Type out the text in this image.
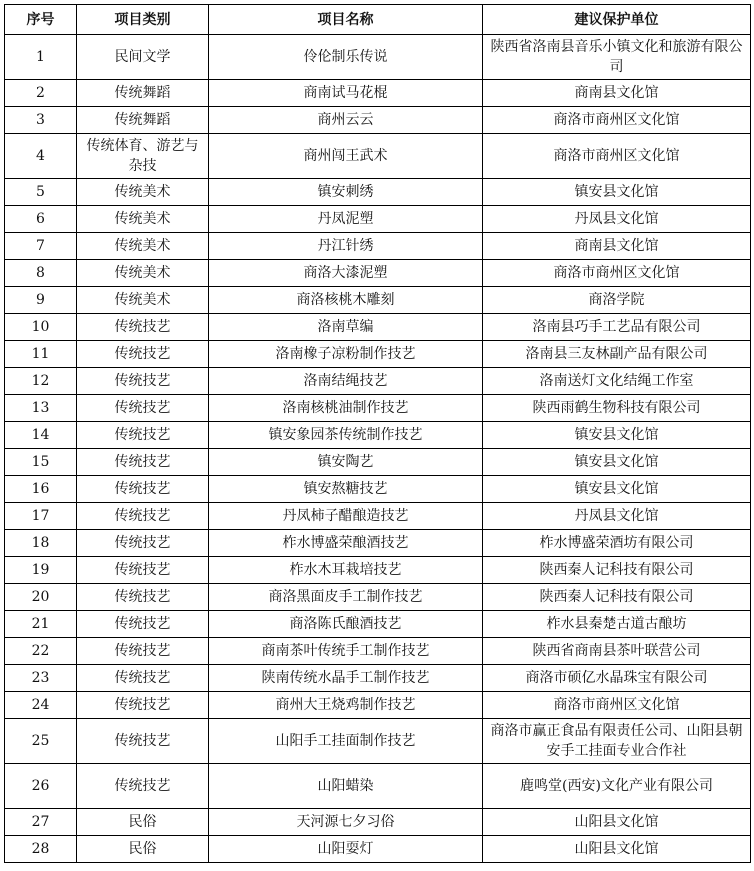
序号	项目类别	项目名称	建议保护单位
1	民间文学	伶伦制乐传说	陕西省洛南县音乐小镇文化和旅游有限公司
2	传统舞蹈	商南试马花棍	商南县文化馆
3	传统舞蹈	商州云云	商洛市商州区文化馆
4	传统体育、游艺与杂技	商州闯王武术	商洛市商州区文化馆
5	传统美术	镇安刺绣	镇安县文化馆
6	传统美术	丹凤泥塑	丹凤县文化馆
7	传统美术	丹江针绣	商南县文化馆
8	传统美术	商洛大漆泥塑	商洛市商州区文化馆
9	传统美术	商洛核桃木雕刻	商洛学院
10	传统技艺	洛南草编	洛南县巧手工艺品有限公司
11	传统技艺	洛南橡子凉粉制作技艺	洛南县三友林副产品有限公司
12	传统技艺	洛南结绳技艺	洛南送灯文化结绳工作室
13	传统技艺	洛南核桃油制作技艺	陕西雨鹤生物科技有限公司
14	传统技艺	镇安象园茶传统制作技艺	镇安县文化馆
15	传统技艺	镇安陶艺	镇安县文化馆
16	传统技艺	镇安熬糖技艺	镇安县文化馆
17	传统技艺	丹凤柿子醋酿造技艺	丹凤县文化馆
18	传统技艺	柞水博盛荣酿酒技艺	柞水博盛荣酒坊有限公司
19	传统技艺	柞水木耳栽培技艺	陕西秦人记科技有限公司
20	传统技艺	商洛黑面皮手工制作技艺	陕西秦人记科技有限公司
21	传统技艺	商洛陈氏酿酒技艺	柞水县秦楚古道古酿坊
22	传统技艺	商南茶叶传统手工制作技艺	陕西省商南县茶叶联营公司
23	传统技艺	陕南传统水晶手工制作技艺	商洛市硕亿水晶珠宝有限公司
24	传统技艺	商州大王烧鸡制作技艺	商洛市商州区文化馆
25	传统技艺	山阳手工挂面制作技艺	商洛市赢正食品有限责任公司、山阳县朝安手工挂面专业合作社
26	传统技艺	山阳蜡染	鹿鸣堂(西安)文化产业有限公司
27	民俗	天河源七夕习俗	山阳县文化馆
28	民俗	山阳耍灯	山阳县文化馆
